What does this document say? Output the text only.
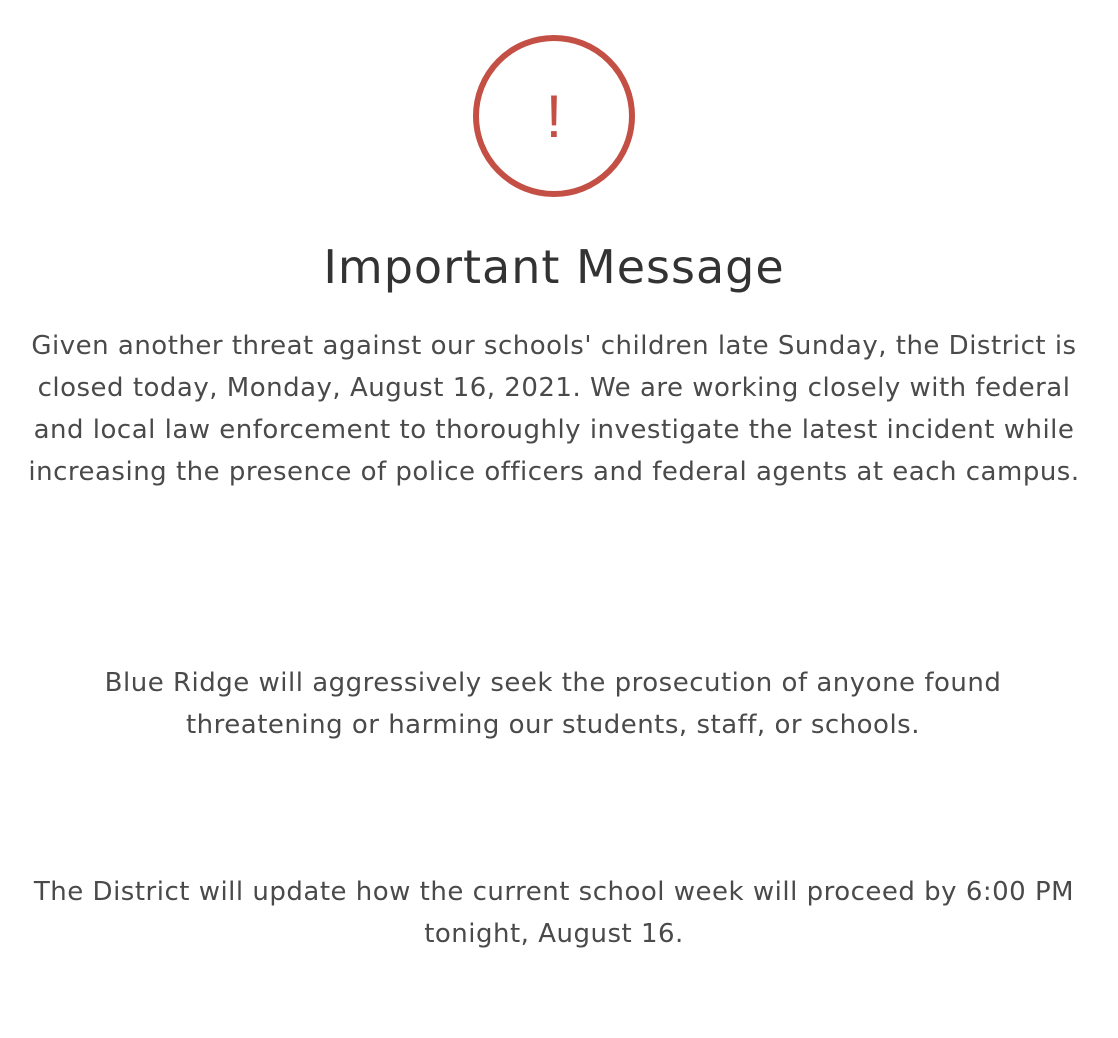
!
Important Message

Given another threat against our schools' children late Sunday, the District is closed today, Monday, August 16, 2021. We are working closely with federal and local law enforcement to thoroughly investigate the latest incident while increasing the presence of police officers and federal agents at each campus.

Blue Ridge will aggressively seek the prosecution of anyone found threatening or harming our students, staff, or schools.

The District will update how the current school week will proceed by 6:00 PM tonight, August 16.
